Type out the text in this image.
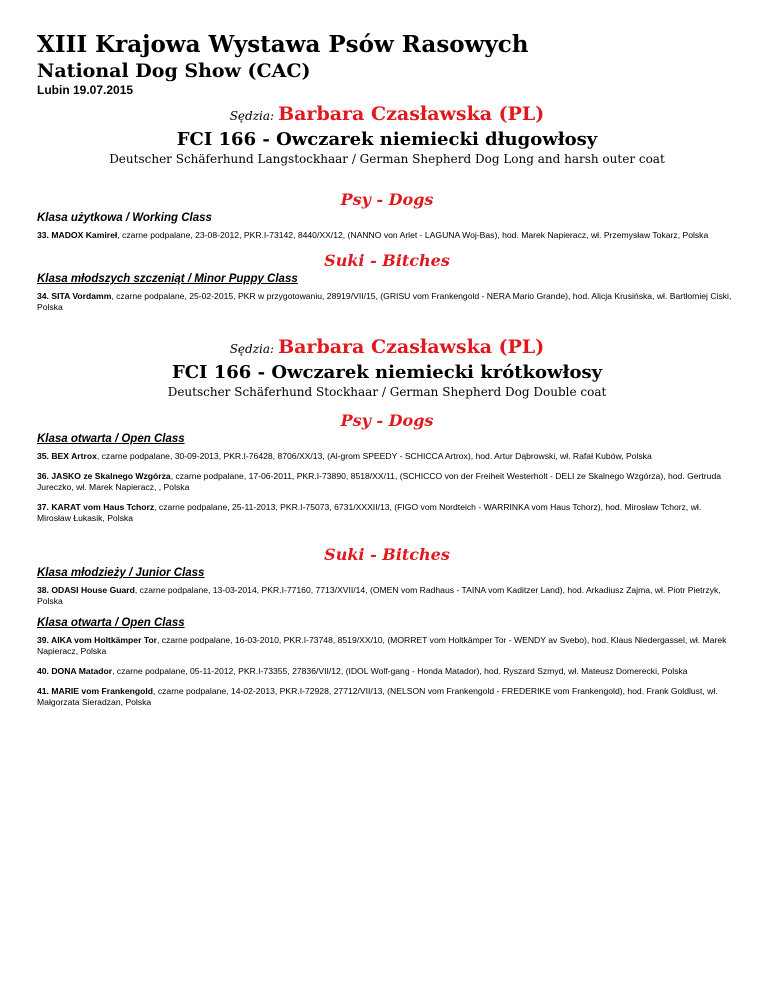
XIII Krajowa Wystawa Psów Rasowych

National Dog Show (CAC)

Lubin 19.07.2015

Sędzia: Barbara Czasławska (PL)

FCI 166 - Owczarek niemiecki długowłosy

Deutscher Schäferhund Langstockhaar / German Shepherd Dog Long and harsh outer coat

Psy - Dogs

Klasa użytkowa / Working Class

33. MADOX Kamireł, czarne podpalane, 23-08-2012, PKR.I-73142, 8440/XX/12, (NANNO von Arlet - LAGUNA Woj-Bas), hod. Marek Napieracz, wł. Przemysław Tokarz, Polska

Suki - Bitches

Klasa młodszych szczeniąt / Minor Puppy Class

34. SITA Vordamm, czarne podpalane, 25-02-2015, PKR w przygotowaniu, 28919/VII/15, (GRISU vom Frankengold - NERA Mario Grande), hod. Alicja Krusińska, wł. Bartłomiej Ciski, Polska

Sędzia: Barbara Czasławska (PL)

FCI 166 - Owczarek niemiecki krótkowłosy

Deutscher Schäferhund Stockhaar / German Shepherd Dog Double coat

Psy - Dogs

Klasa otwarta / Open Class

35. BEX Artrox, czarne podpalane, 30-09-2013, PKR.I-76428, 8706/XX/13, (Al-grom SPEEDY - SCHICCA Artrox), hod. Artur Dąbrowski, wł. Rafał Kubów, Polska

36. JASKO ze Skalnego Wzgórza, czarne podpalane, 17-06-2011, PKR.I-73890, 8518/XX/11, (SCHICCO von der Freiheit Westerholt - DELI ze Skalnego Wzgórza), hod. Gertruda Jureczko, wł. Marek Napieracz, , Polska

37. KARAT vom Haus Tchorz, czarne podpalane, 25-11-2013, PKR.I-75073, 6731/XXXII/13, (FIGO vom Nordteich - WARRINKA vom Haus Tchorz), hod. Mirosław Tchorz, wł. Mirosław Łukasik, Polska

Suki - Bitches

Klasa młodzieży / Junior Class

38. ODASI House Guard, czarne podpalane, 13-03-2014, PKR.I-77160, 7713/XVII/14, (OMEN vom Radhaus - TAINA vom Kaditzer Land), hod. Arkadiusz Zajma, wł. Piotr Pietrzyk, Polska

Klasa otwarta / Open Class

39. AIKA vom Holtkämper Tor, czarne podpalane, 16-03-2010, PKR.I-73748, 8519/XX/10, (MORRET vom Holtkämper Tor - WENDY av Svebo), hod. Klaus Niedergassel, wł. Marek Napieracz, Polska

40. DONA Matador, czarne podpalane, 05-11-2012, PKR.I-73355, 27836/VII/12, (IDOL Wolf-gang - Honda Matador), hod. Ryszard Szmyd, wł. Mateusz Domerecki, Polska

41. MARIE vom Frankengold, czarne podpalane, 14-02-2013, PKR.I-72928, 27712/VII/13, (NELSON vom Frankengold - FREDERIKE vom Frankengold), hod. Frank Goldlust, wł. Małgorzata Sieradzan, Polska
